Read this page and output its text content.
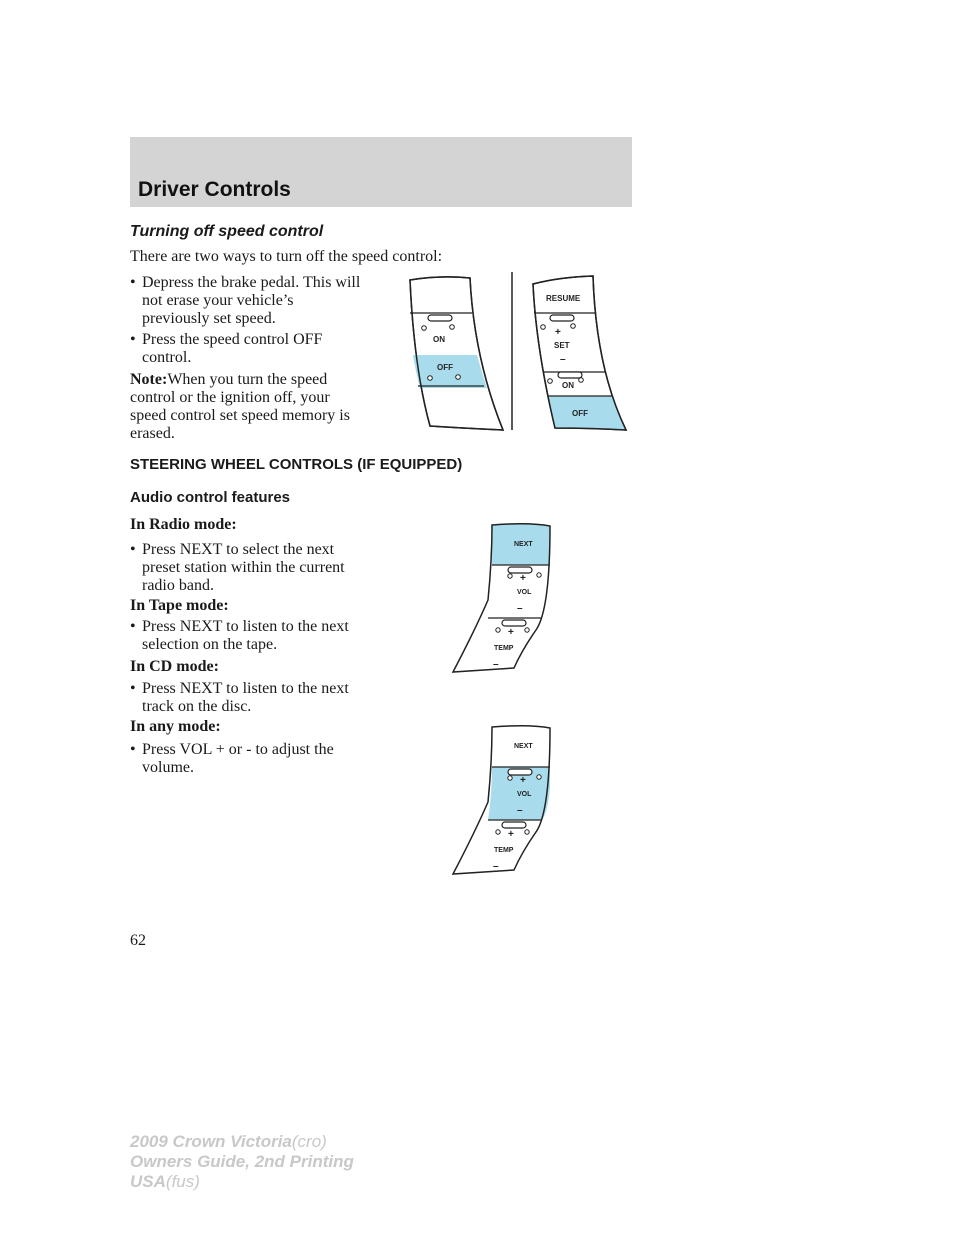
Driver Controls
Turning off speed control
There are two ways to turn off the speed control:
• Depress the brake pedal. This will
not erase your vehicle’s
previously set speed.
• Press the speed control OFF
control.
Note:When you turn the speed
control or the ignition off, your
speed control set speed memory is
erased.
ON
OFF
RESUME
+
SET
–
ON
OFF
STEERING WHEEL CONTROLS (IF EQUIPPED)
Audio control features
In Radio mode:
• Press NEXT to select the next
preset station within the current
radio band.
In Tape mode:
• Press NEXT to listen to the next
selection on the tape.
In CD mode:
• Press NEXT to listen to the next
track on the disc.
In any mode:
• Press VOL + or - to adjust the
volume.
NEXT
+
VOL
–
+
TEMP
–
NEXT
+
VOL
–
+
TEMP
–
62
2009 Crown Victoria(cro)
Owners Guide, 2nd Printing
USA(fus)
